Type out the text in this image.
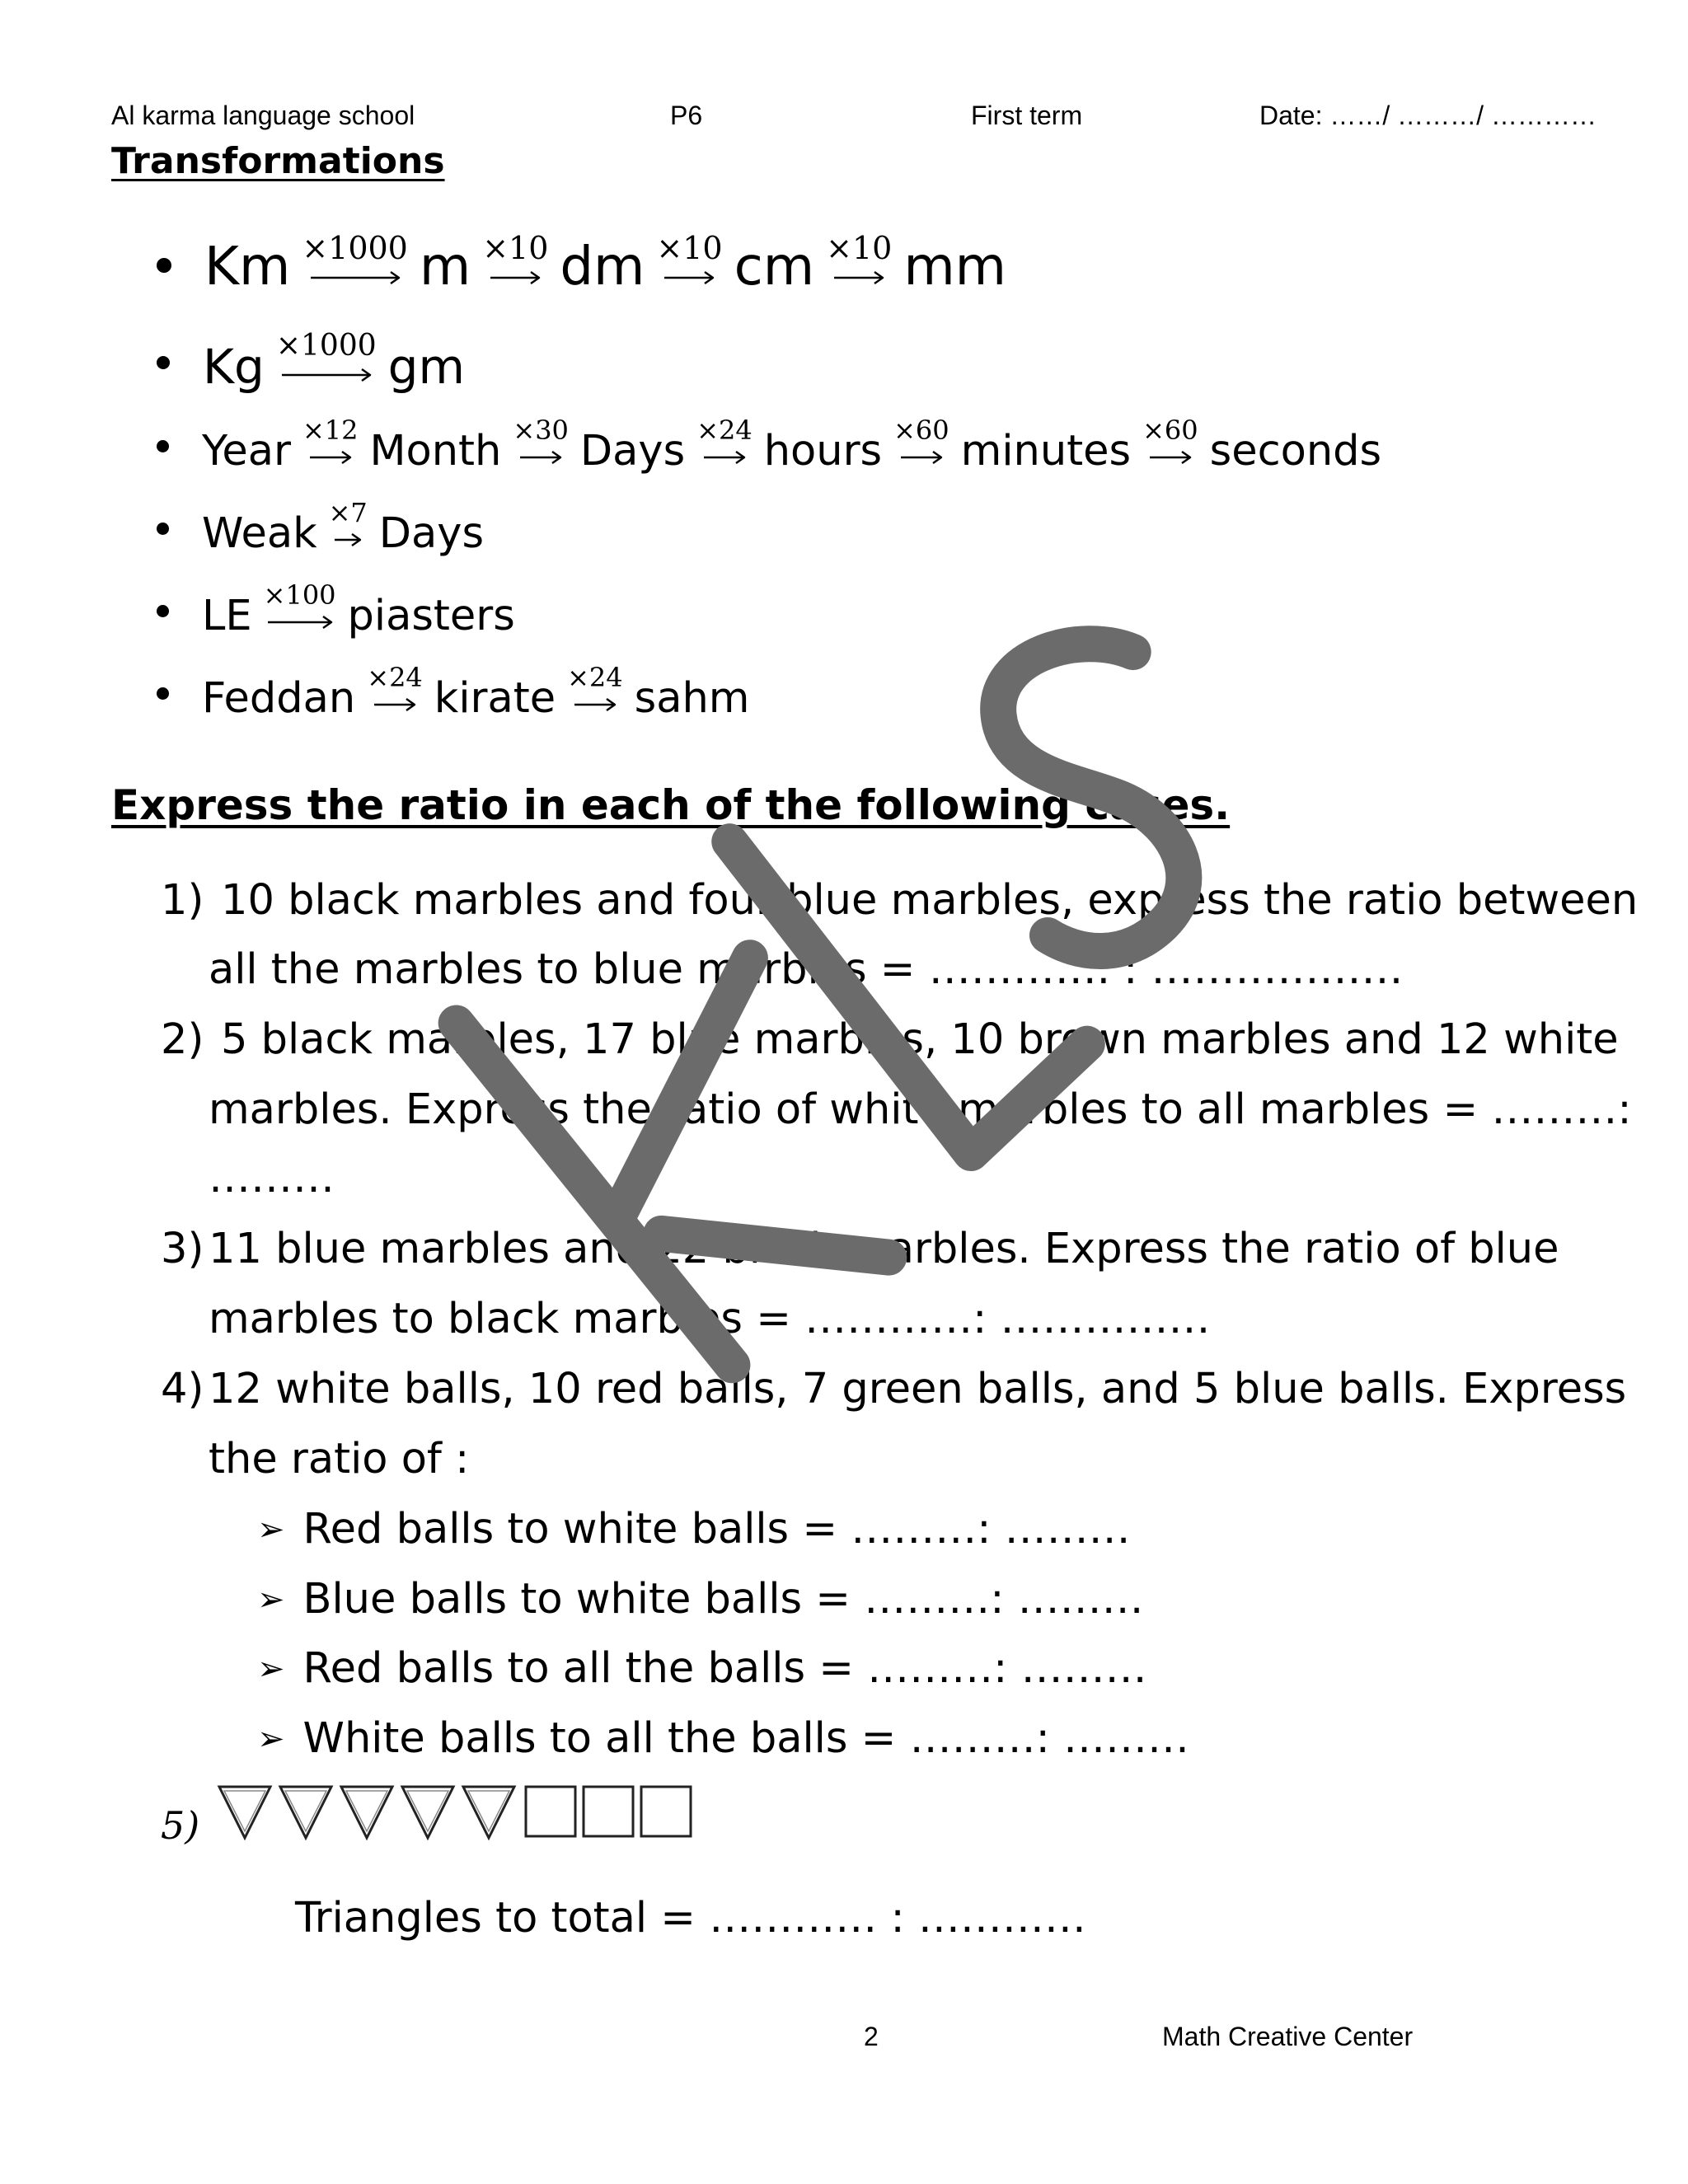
Al karma language school	P6	First term	Date: ……/ ………/ …………
Transformations
Km ×1000 m ×10 dm ×10 cm ×10 mm
Kg ×1000 gm
Year ×12 Month ×30 Days ×24 hours ×60 minutes ×60 seconds
Weak ×7 Days
LE ×100 piasters
Feddan ×24 kirate ×24 sahm
Express the ratio in each of the following cases.
1) 10 black marbles and four blue marbles, express the ratio between
all the marbles to blue marbles = …………. : ………………
2) 5 black marbles, 17 blue marbles, 10 brown marbles and 12 white
marbles. Express the ratio of white marbles to all marbles = ………:
………
3) 11 blue marbles and 22 black marbles. Express the ratio of blue
marbles to black marbles = …………: ……………
4) 12 white balls, 10 red balls, 7 green balls, and 5 blue balls. Express
the ratio of :
➢ Red balls to white balls = ………: ………
➢ Blue balls to white balls = ………: ………
➢ Red balls to all the balls = ………: ………
➢ White balls to all the balls = ………: ………
5)
Triangles to total = ………… : …………
2	Math Creative Center
